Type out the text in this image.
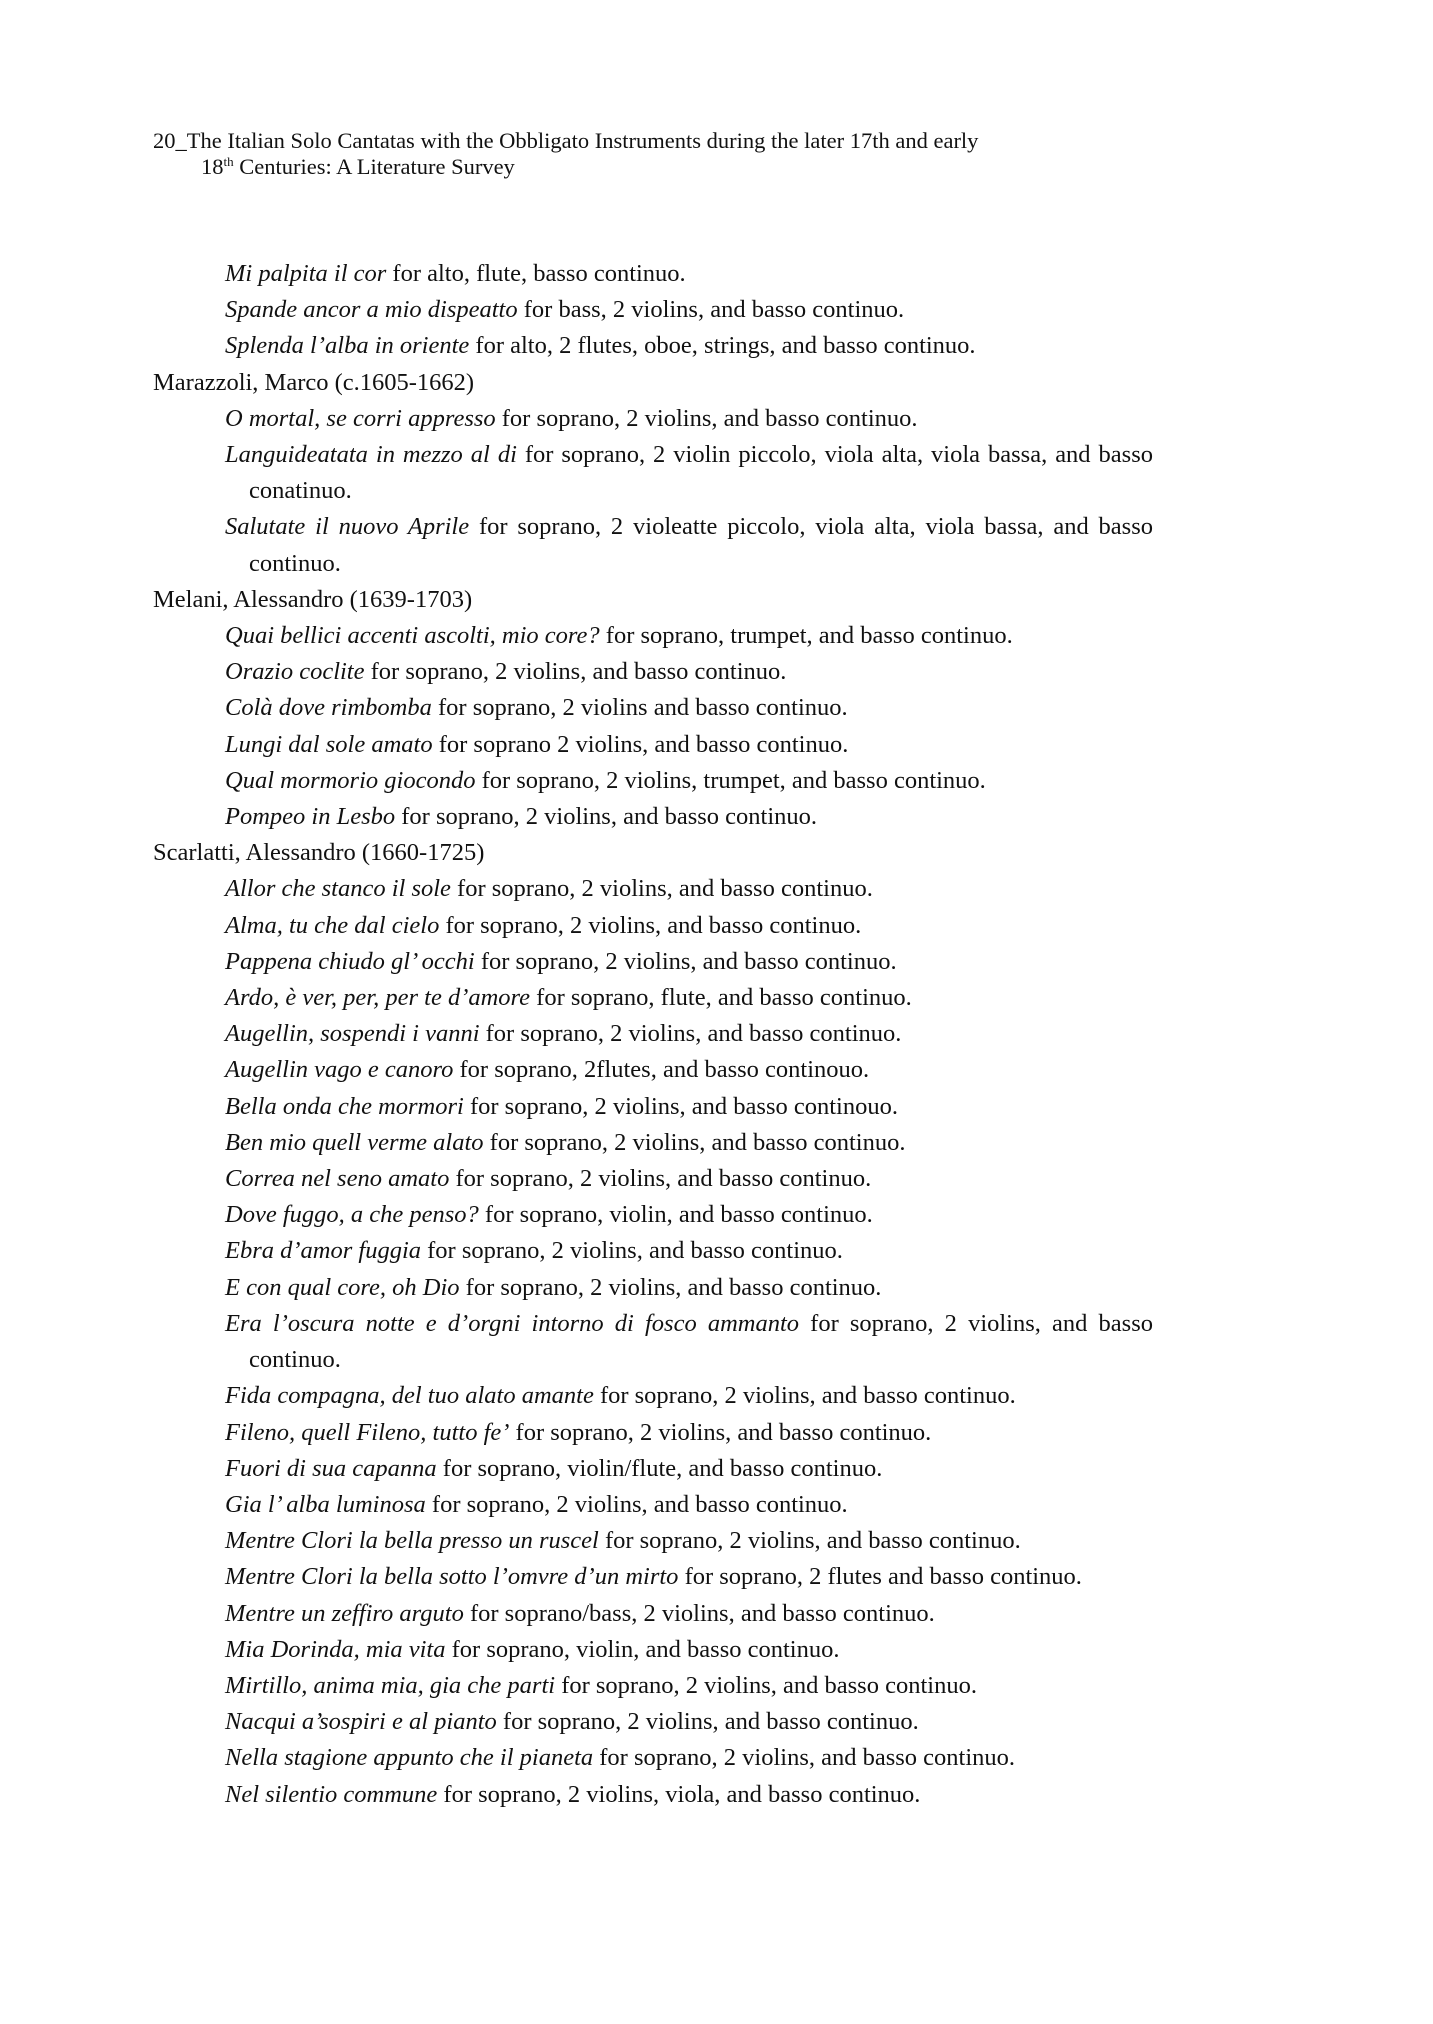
20_The Italian Solo Cantatas with the Obbligato Instruments during the later 17th and early
18th Centuries: A Literature Survey
Mi palpita il cor for alto, flute, basso continuo.
Spande ancor a mio dispeatto for bass, 2 violins, and basso continuo.
Splenda l’alba in oriente for alto, 2 flutes, oboe, strings, and basso continuo.
Marazzoli, Marco (c.1605-1662)
O mortal, se corri appresso for soprano, 2 violins, and basso continuo.
Languideatata in mezzo al di for soprano, 2 violin piccolo, viola alta, viola bassa, and basso conatinuo.
Salutate il nuovo Aprile for soprano, 2 violeatte piccolo, viola alta, viola bassa, and basso continuo.
Melani, Alessandro (1639-1703)
Quai bellici accenti ascolti, mio core? for soprano, trumpet, and basso continuo.
Orazio coclite for soprano, 2 violins, and basso continuo.
Colà dove rimbomba for soprano, 2 violins and basso continuo.
Lungi dal sole amato for soprano 2 violins, and basso continuo.
Qual mormorio giocondo for soprano, 2 violins, trumpet, and basso continuo.
Pompeo in Lesbo for soprano, 2 violins, and basso continuo.
Scarlatti, Alessandro (1660-1725)
Allor che stanco il sole for soprano, 2 violins, and basso continuo.
Alma, tu che dal cielo for soprano, 2 violins, and basso continuo.
Pappena chiudo gl’ occhi for soprano, 2 violins, and basso continuo.
Ardo, è ver, per, per te d’amore for soprano, flute, and basso continuo.
Augellin, sospendi i vanni for soprano, 2 violins, and basso continuo.
Augellin vago e canoro for soprano, 2flutes, and basso continouo.
Bella onda che mormori for soprano, 2 violins, and basso continouo.
Ben mio quell verme alato for soprano, 2 violins, and basso continuo.
Correa nel seno amato for soprano, 2 violins, and basso continuo.
Dove fuggo, a che penso? for soprano, violin, and basso continuo.
Ebra d’amor fuggia for soprano, 2 violins, and basso continuo.
E con qual core, oh Dio for soprano, 2 violins, and basso continuo.
Era l’oscura notte e d’orgni intorno di fosco ammanto for soprano, 2 violins, and basso continuo.
Fida compagna, del tuo alato amante for soprano, 2 violins, and basso continuo.
Fileno, quell Fileno, tutto fe’ for soprano, 2 violins, and basso continuo.
Fuori di sua capanna for soprano, violin/flute, and basso continuo.
Gia l’ alba luminosa for soprano, 2 violins, and basso continuo.
Mentre Clori la bella presso un ruscel for soprano, 2 violins, and basso continuo.
Mentre Clori la bella sotto l’omvre d’un mirto for soprano, 2 flutes and basso continuo.
Mentre un zeffiro arguto for soprano/bass, 2 violins, and basso continuo.
Mia Dorinda, mia vita for soprano, violin, and basso continuo.
Mirtillo, anima mia, gia che parti for soprano, 2 violins, and basso continuo.
Nacqui a’sospiri e al pianto for soprano, 2 violins, and basso continuo.
Nella stagione appunto che il pianeta for soprano, 2 violins, and basso continuo.
Nel silentio commune for soprano, 2 violins, viola, and basso continuo.
